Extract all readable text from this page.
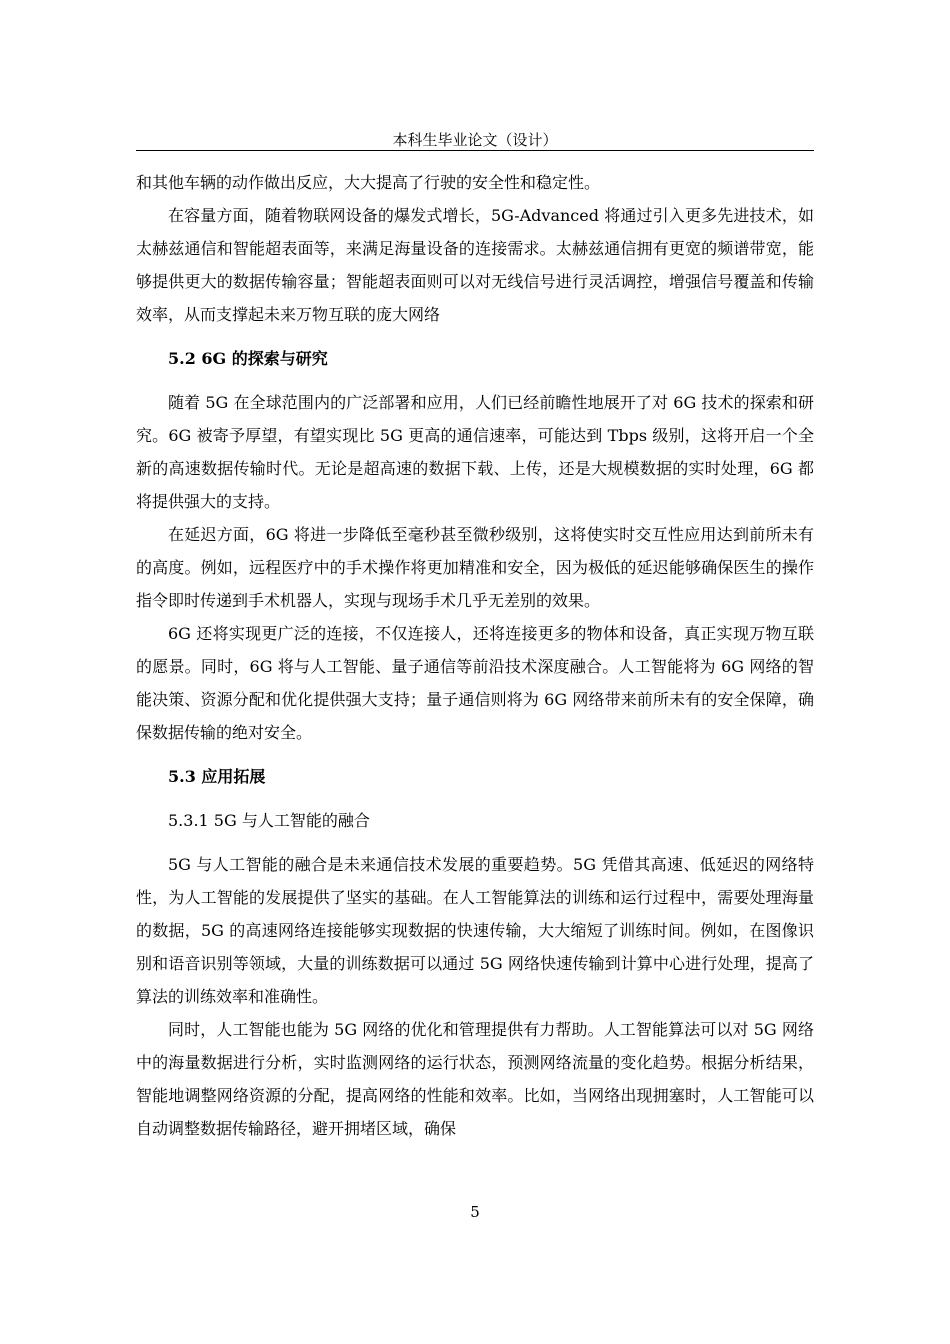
本科生毕业论文（设计）

和其他车辆的动作做出反应，大大提高了行驶的安全性和稳定性。

在容量方面，随着物联网设备的爆发式增长，5G-Advanced 将通过引入更多先进技术，如太赫兹通信和智能超表面等，来满足海量设备的连接需求。太赫兹通信拥有更宽的频谱带宽，能够提供更大的数据传输容量；智能超表面则可以对无线信号进行灵活调控，增强信号覆盖和传输效率，从而支撑起未来万物互联的庞大网络

5.2 6G 的探索与研究

随着 5G 在全球范围内的广泛部署和应用，人们已经前瞻性地展开了对 6G 技术的探索和研究。6G 被寄予厚望，有望实现比 5G 更高的通信速率，可能达到 Tbps 级别，这将开启一个全新的高速数据传输时代。无论是超高速的数据下载、上传，还是大规模数据的实时处理，6G 都将提供强大的支持。

在延迟方面，6G 将进一步降低至毫秒甚至微秒级别，这将使实时交互性应用达到前所未有的高度。例如，远程医疗中的手术操作将更加精准和安全，因为极低的延迟能够确保医生的操作指令即时传递到手术机器人，实现与现场手术几乎无差别的效果。

6G 还将实现更广泛的连接，不仅连接人，还将连接更多的物体和设备，真正实现万物互联的愿景。同时，6G 将与人工智能、量子通信等前沿技术深度融合。人工智能将为 6G 网络的智能决策、资源分配和优化提供强大支持；量子通信则将为 6G 网络带来前所未有的安全保障，确保数据传输的绝对安全。

5.3 应用拓展

5.3.1 5G 与人工智能的融合

5G 与人工智能的融合是未来通信技术发展的重要趋势。5G 凭借其高速、低延迟的网络特性，为人工智能的发展提供了坚实的基础。在人工智能算法的训练和运行过程中，需要处理海量的数据，5G 的高速网络连接能够实现数据的快速传输，大大缩短了训练时间。例如，在图像识别和语音识别等领域，大量的训练数据可以通过 5G 网络快速传输到计算中心进行处理，提高了算法的训练效率和准确性。

同时，人工智能也能为 5G 网络的优化和管理提供有力帮助。人工智能算法可以对 5G 网络中的海量数据进行分析，实时监测网络的运行状态，预测网络流量的变化趋势。根据分析结果，智能地调整网络资源的分配，提高网络的性能和效率。比如，当网络出现拥塞时，人工智能可以自动调整数据传输路径，避开拥堵区域，确保

5
